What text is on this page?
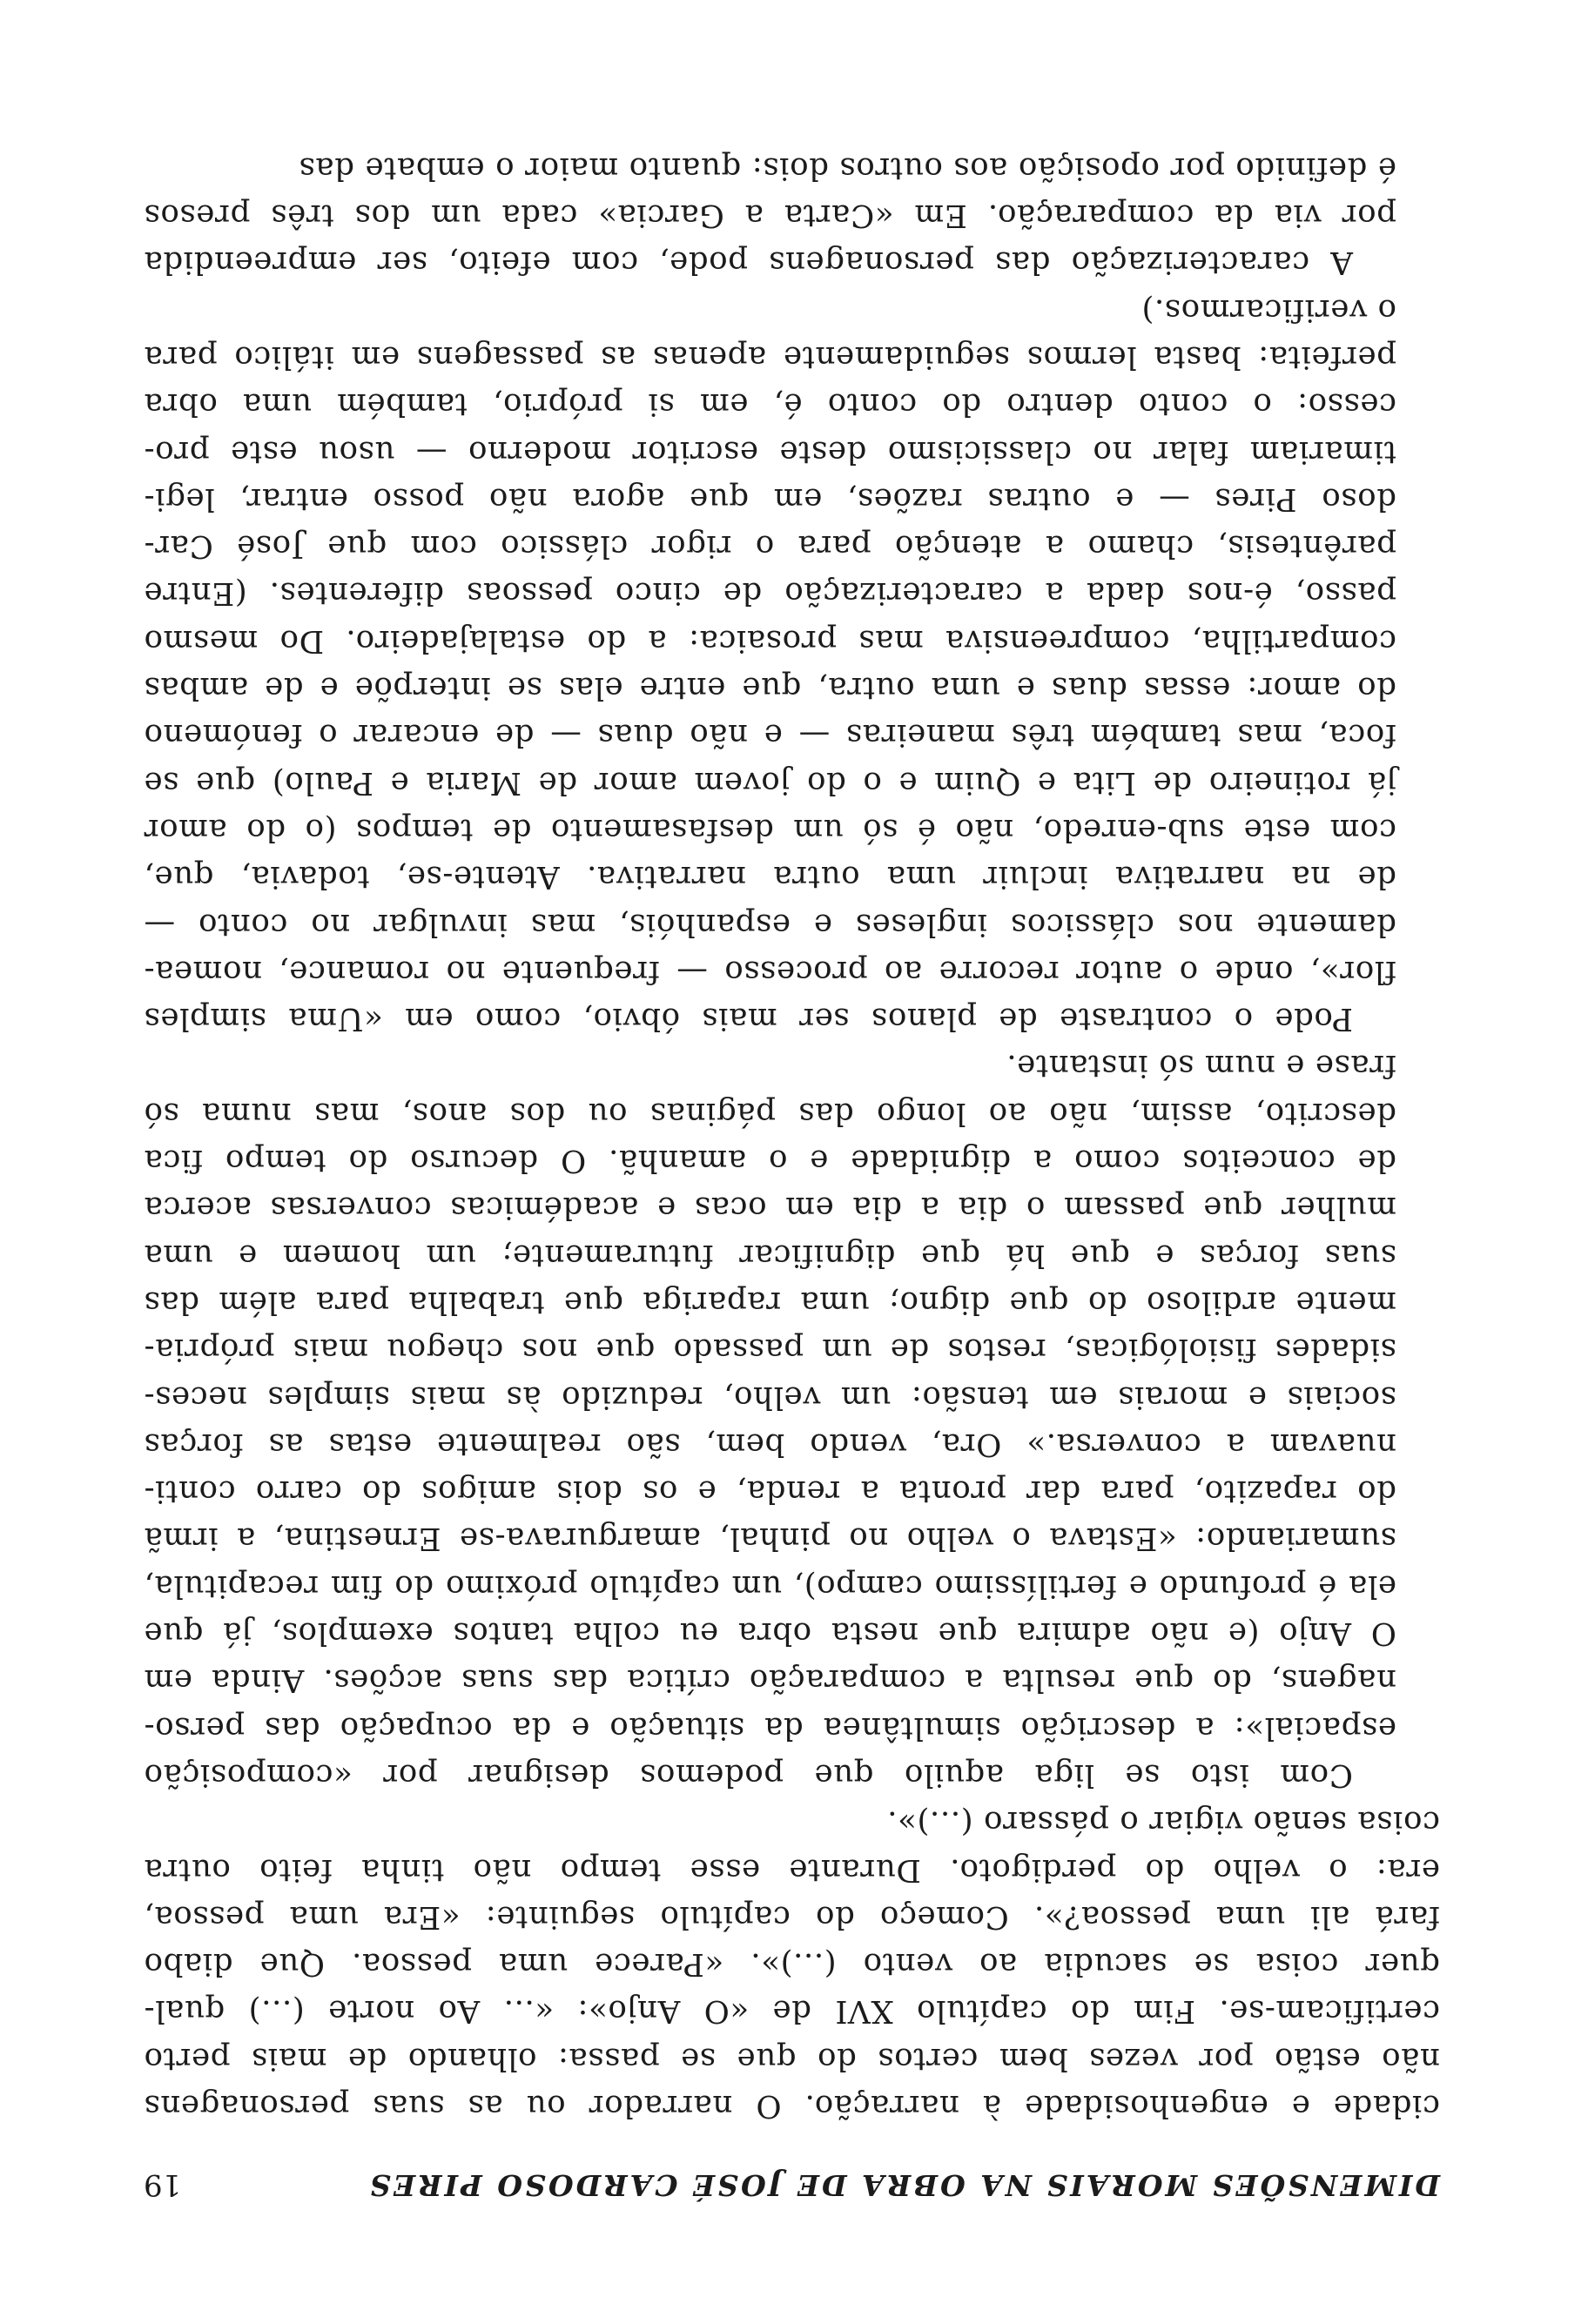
DIMENSÕES MORAIS NA OBRA DE JOSÉ CARDOSO PIRES
19

cidade e engenhosidade à narração. O narrador ou as suas personagens
não estão por vezes bem certos do que se passa: olhando de mais perto
certificam-se. Fim do capítulo XVI de «O Anjo»: «... Ao norte (...) qual-
quer coisa se sacudia ao vento (...)». «Parece uma pessoa. Que diabo
fará ali uma pessoa?». Começo do capítulo seguinte: «Era uma pessoa,
era: o velho do perdigoto. Durante esse tempo não tinha feito outra
coisa senão vigiar o pássaro (...)».

Com isto se liga aquilo que podemos designar por «composição
espacial»: a descrição simultânea da situação e da ocupação das perso-
nagens, do que resulta a comparação crítica das suas acções. Ainda em
O Anjo (e não admira que nesta obra eu colha tantos exemplos, já que
ela é profundo e fertilíssimo campo), um capítulo próximo do fim recapitula,
sumariando: «Estava o velho no pinhal, amargurava-se Ernestina, a irmã
do rapazito, para dar pronta a renda, e os dois amigos do carro conti-
nuavam a conversa.» Ora, vendo bem, são realmente estas as forças
sociais e morais em tensão: um velho, reduzido às mais simples neces-
sidades fisiológicas, restos de um passado que nos chegou mais própria-
mente ardiloso do que digno; uma rapariga que trabalha para além das
suas forças e que há que dignificar futuramente; um homem e uma
mulher que passam o dia a dia em ocas e académicas conversas acerca
de conceitos como a dignidade e o amanhã. O decurso do tempo fica
descrito, assim, não ao longo das páginas ou dos anos, mas numa só
frase e num só instante.

Pode o contraste de planos ser mais óbvio, como em «Uma simples
flor», onde o autor recorre ao processo — frequente no romance, nomea-
damente nos clássicos ingleses e espanhóis, mas invulgar no conto —
de na narrativa incluir uma outra narrativa. Atente-se, todavia, que,
com este sub-enredo, não é só um desfasamento de tempos (o do amor
já rotineiro de Lita e Quim e o do jovem amor de Maria e Paulo) que se
foca, mas também três maneiras — e não duas — de encarar o fenómeno
do amor: essas duas e uma outra, que entre elas se interpõe e de ambas
compartilha, compreensiva mas prosaica: a do estalajadeiro. Do mesmo
passo, é-nos dada a caracterização de cinco pessoas diferentes. (Entre
parêntesis, chamo a atenção para o rigor clássico com que José Car-
doso Pires — e outras razões, em que agora não posso entrar, legi-
timariam falar no classicismo deste escritor moderno — usou este pro-
cesso: o conto dentro do conto é, em si próprio, também uma obra
perfeita: basta lermos seguidamente apenas as passagens em itálico para
o verificarmos.)

A caracterização das personagens pode, com efeito, ser empreendida
por via da comparação. Em «Carta a Garcia» cada um dos três presos
é definido por oposição aos outros dois: quanto maior o embate das
